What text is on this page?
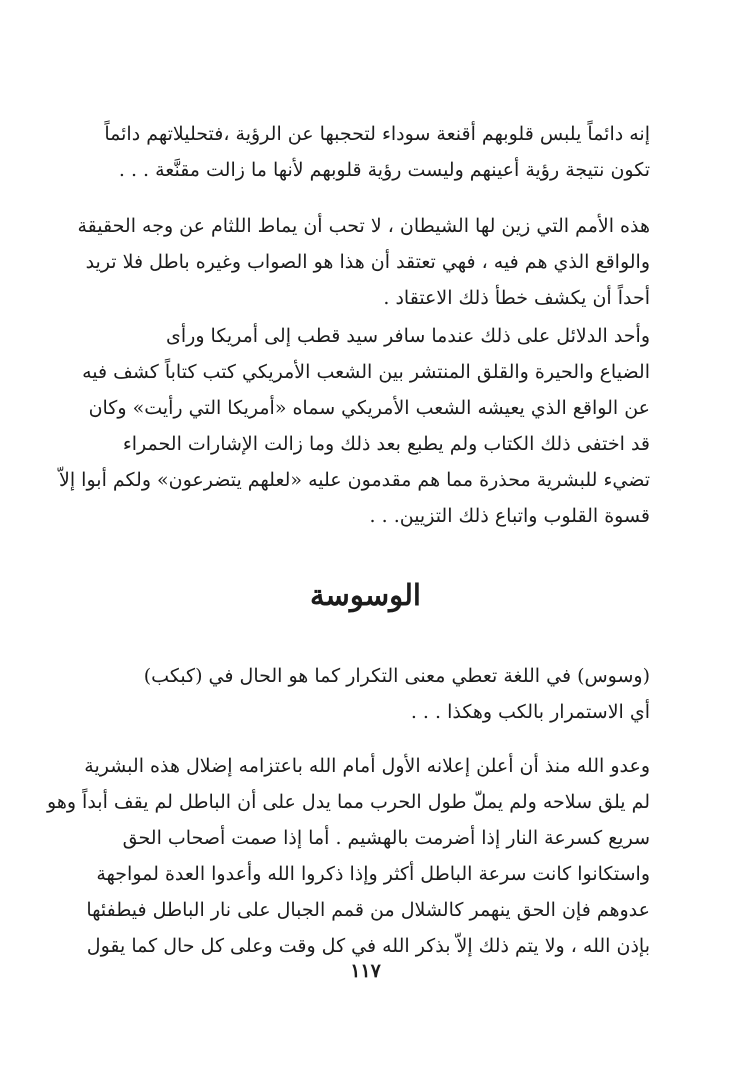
إنه دائماً يلبس قلوبهم أقنعة سوداء لتحجبها عن الرؤية ،فتحليلاتهم دائماً
تكون نتيجة رؤية أعينهم وليست رؤية قلوبهم لأنها ما زالت مقنَّعة . . .
هذه الأمم التي زين لها الشيطان ، لا تحب أن يماط اللثام عن وجه الحقيقة
والواقع الذي هم فيه ، فهي تعتقد أن هذا هو الصواب وغيره باطل فلا تريد
أحداً أن يكشف خطأ ذلك الاعتقاد .
وأحد الدلائل على ذلك عندما سافر سيد قطب إلى أمريكا ورأى
الضياع والحيرة والقلق المنتشر بين الشعب الأمريكي كتب كتاباً كشف فيه
عن الواقع الذي يعيشه الشعب الأمريكي سماه «أمريكا التي رأيت» وكان
قد اختفى ذلك الكتاب ولم يطبع بعد ذلك وما زالت الإشارات الحمراء
تضيء للبشرية محذرة مما هم مقدمون عليه «لعلهم يتضرعون» ولكم أبوا إلاّ
قسوة القلوب واتباع ذلك التزيين. . .
الوسوسة
(وسوس) في اللغة تعطي معنى التكرار كما هو الحال في (كبكب)
أي الاستمرار بالكب وهكذا . . .
وعدو الله منذ أن أعلن إعلانه الأول أمام الله باعتزامه إضلال هذه البشرية
لم يلق سلاحه ولم يملّ طول الحرب مما يدل على أن الباطل لم يقف أبداً وهو
سريع كسرعة النار إذا أضرمت بالهشيم . أما إذا صمت أصحاب الحق
واستكانوا كانت سرعة الباطل أكثر وإذا ذكروا الله وأعدوا العدة لمواجهة
عدوهم فإن الحق ينهمر كالشلال من قمم الجبال على نار الباطل فيطفئها
بإذن الله ، ولا يتم ذلك إلاّ بذكر الله في كل وقت وعلى كل حال كما يقول
١١٧
